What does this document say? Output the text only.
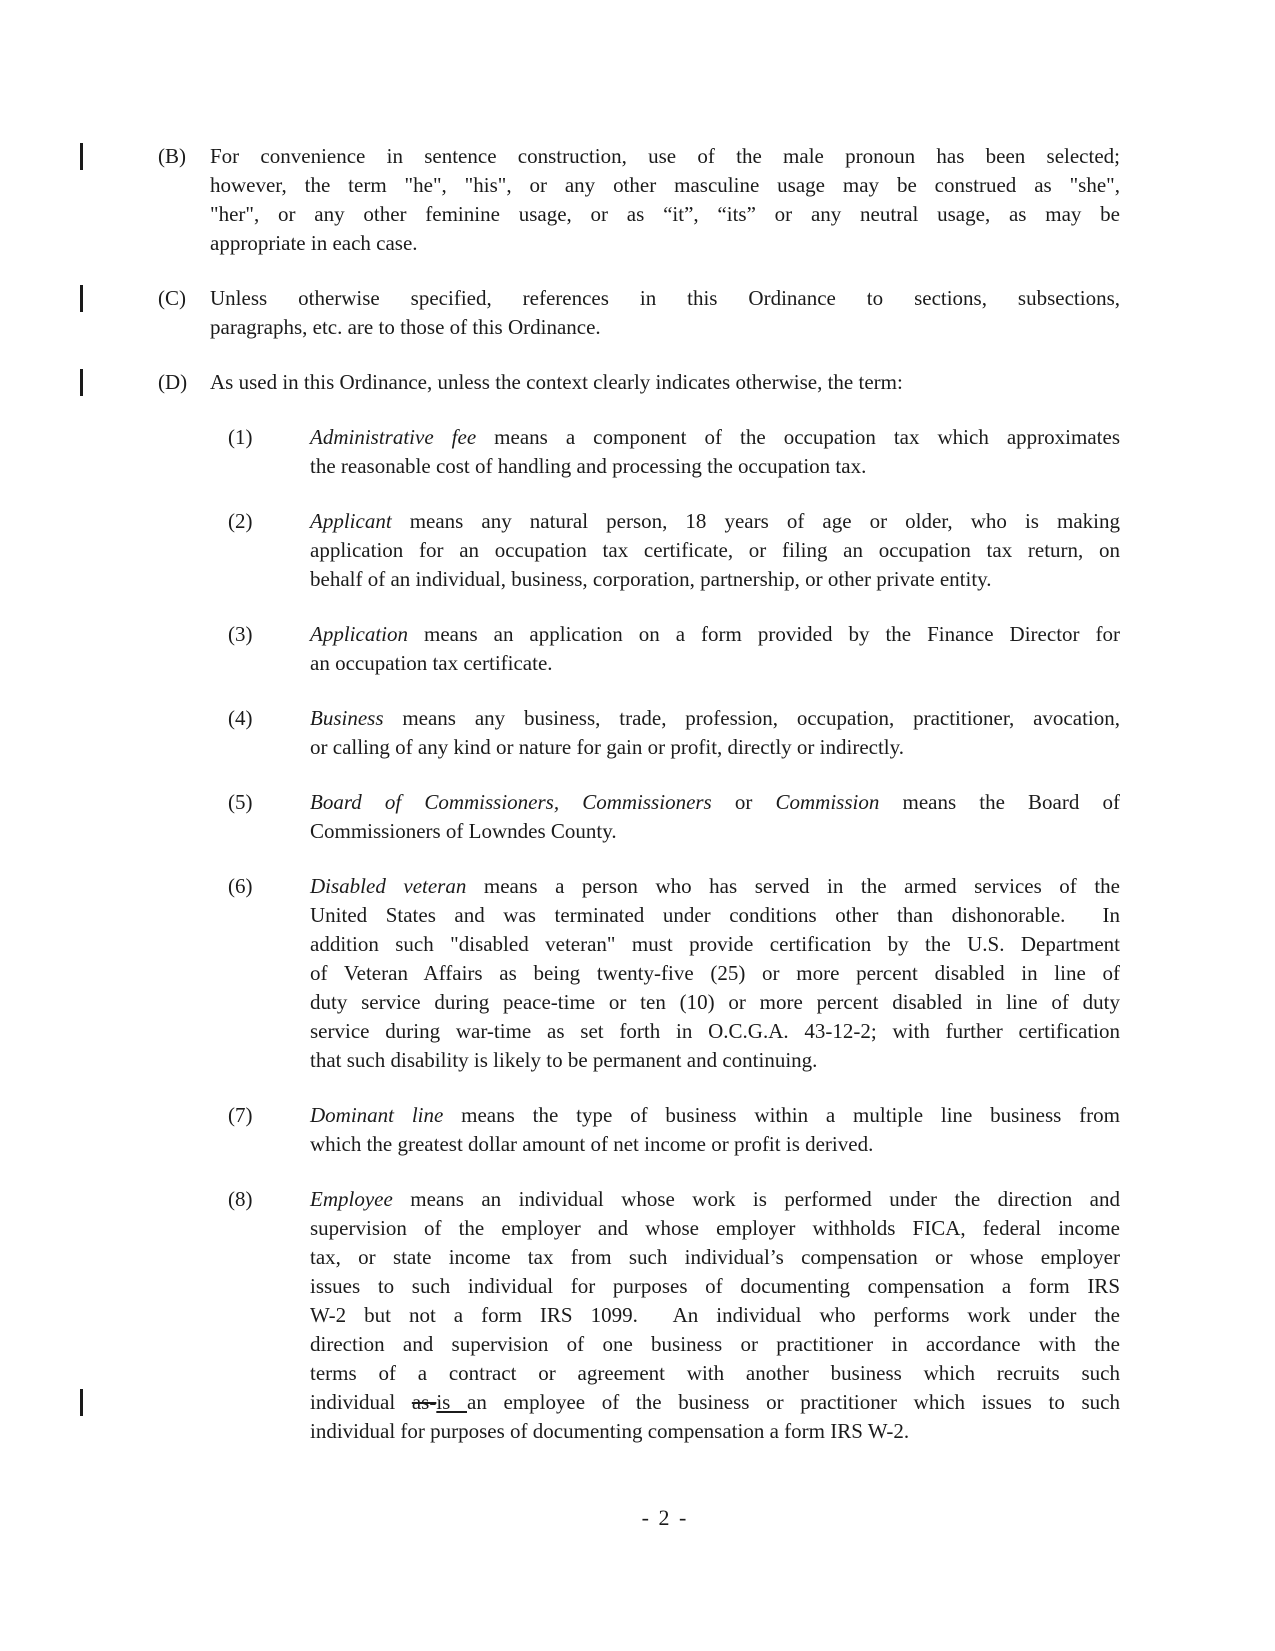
(B) For convenience in sentence construction, use of the male pronoun has been selected;
however, the term "he", "his", or any other masculine usage may be construed as "she",
"her", or any other feminine usage, or as “it”, “its” or any neutral usage, as may be
appropriate in each case.
(C) Unless otherwise specified, references in this Ordinance to sections, subsections,
paragraphs, etc. are to those of this Ordinance.
(D) As used in this Ordinance, unless the context clearly indicates otherwise, the term:
(1)	Administrative fee means a component of the occupation tax which approximates
the reasonable cost of handling and processing the occupation tax.
(2)	Applicant means any natural person, 18 years of age or older, who is making
application for an occupation tax certificate, or filing an occupation tax return, on
behalf of an individual, business, corporation, partnership, or other private entity.
(3)	Application means an application on a form provided by the Finance Director for
an occupation tax certificate.
(4)	Business means any business, trade, profession, occupation, practitioner, avocation,
or calling of any kind or nature for gain or profit, directly or indirectly.
(5)	Board of Commissioners, Commissioners or Commission means the Board of
Commissioners of Lowndes County.
(6)	Disabled veteran means a person who has served in the armed services of the
United States and was terminated under conditions other than dishonorable.  In
addition such "disabled veteran" must provide certification by the U.S. Department
of Veteran Affairs as being twenty-five (25) or more percent disabled in line of
duty service during peace-time or ten (10) or more percent disabled in line of duty
service during war-time as set forth in O.C.G.A. 43-12-2; with further certification
that such disability is likely to be permanent and continuing.
(7)	Dominant line means the type of business within a multiple line business from
which the greatest dollar amount of net income or profit is derived.
(8)	Employee means an individual whose work is performed under the direction and
supervision of the employer and whose employer withholds FICA, federal income
tax, or state income tax from such individual’s compensation or whose employer
issues to such individual for purposes of documenting compensation a form IRS
W-2 but not a form IRS 1099.  An individual who performs work under the
direction and supervision of one business or practitioner in accordance with the
terms of a contract or agreement with another business which recruits such
individual as-is an employee of the business or practitioner which issues to such
individual for purposes of documenting compensation a form IRS W-2.
- 2 -
